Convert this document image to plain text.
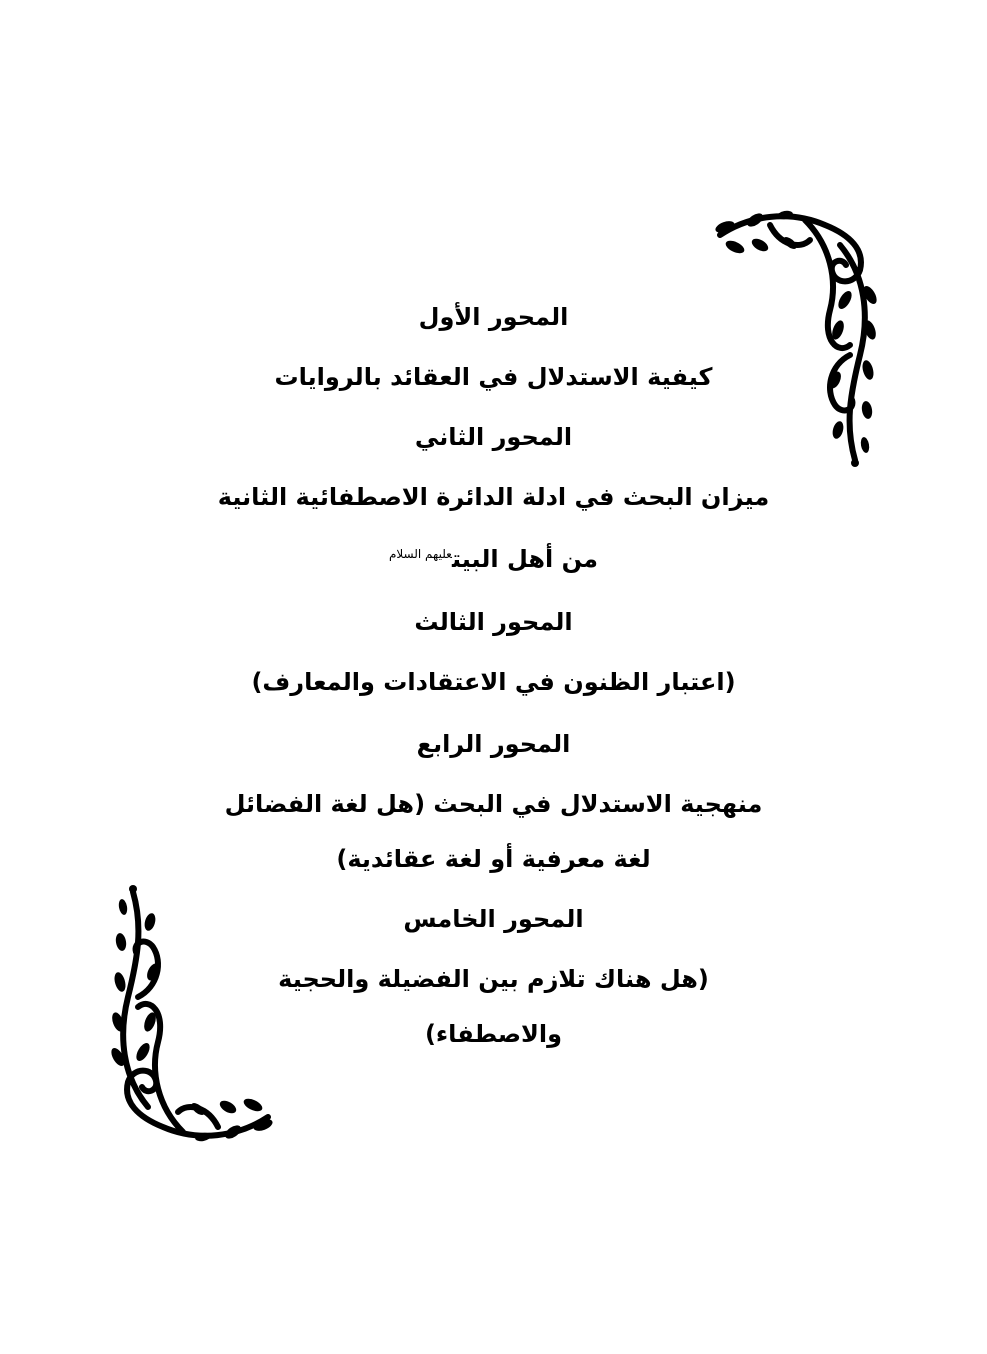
المحور الأول
كيفية الاستدلال في العقائد بالروايات
المحور الثاني
ميزان البحث في ادلة الدائرة الاصطفائية الثانية
من أهل البيت$^{عليهم السلام}$
المحور الثالث
(اعتبار الظنون في الاعتقادات والمعارف)
المحور الرابع
منهجية الاستدلال في البحث (هل لغة الفضائل
لغة معرفية أو لغة عقائدية)
المحور الخامس
(هل هناك تلازم بين الفضيلة والحجية
والاصطفاء)
